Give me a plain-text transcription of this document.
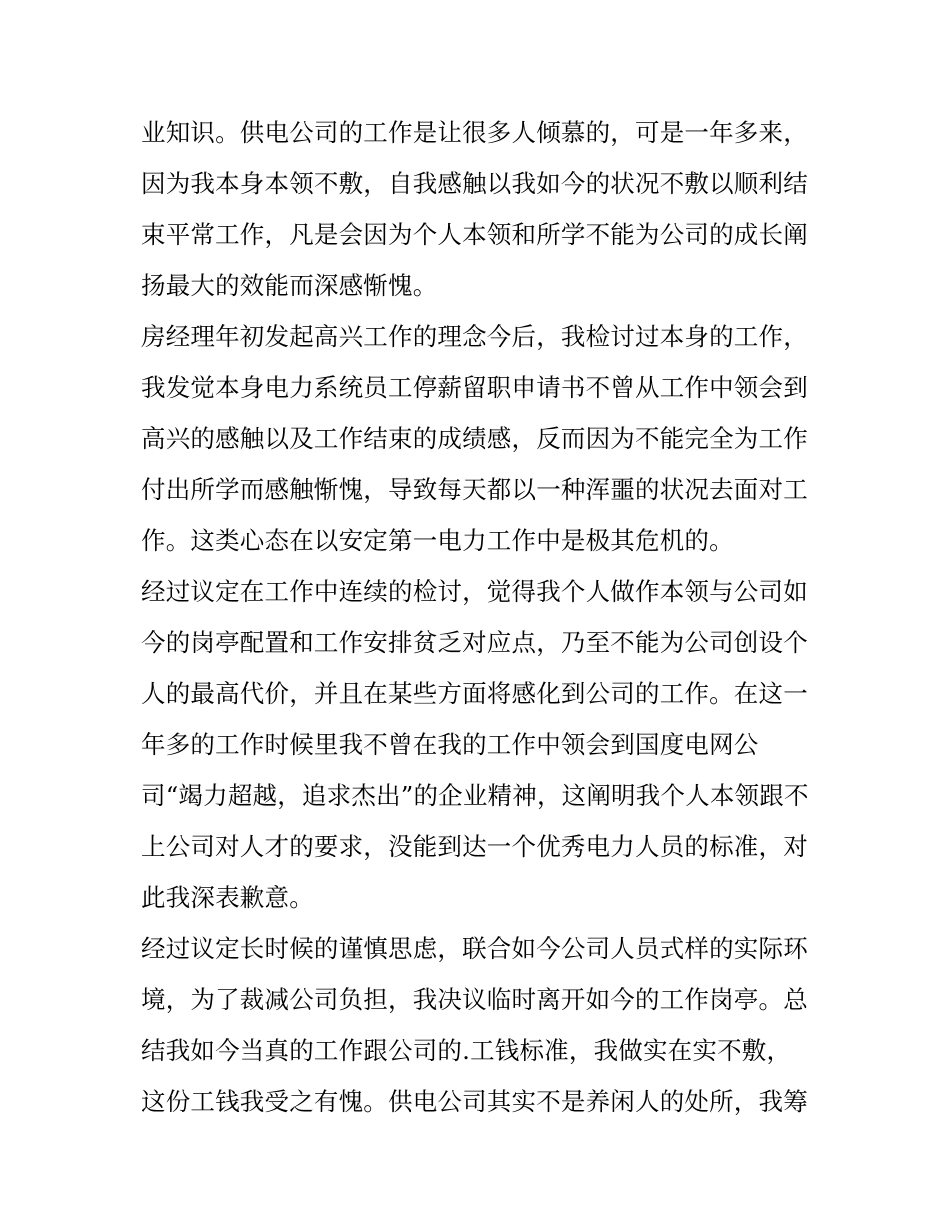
业知识。供电公司的工作是让很多人倾慕的，可是一年多来，
因为我本身本领不敷，自我感触以我如今的状况不敷以顺利结
束平常工作，凡是会因为个人本领和所学不能为公司的成长阐
扬最大的效能而深感惭愧。
房经理年初发起高兴工作的理念今后，我检讨过本身的工作，
我发觉本身电力系统员工停薪留职申请书不曾从工作中领会到
高兴的感触以及工作结束的成绩感，反而因为不能完全为工作
付出所学而感触惭愧，导致每天都以一种浑噩的状况去面对工
作。这类心态在以安定第一电力工作中是极其危机的。
经过议定在工作中连续的检讨，觉得我个人做作本领与公司如
今的岗亭配置和工作安排贫乏对应点，乃至不能为公司创设个
人的最高代价，并且在某些方面将感化到公司的工作。在这一
年多的工作时候里我不曾在我的工作中领会到国度电网公
司“竭力超越，追求杰出”的企业精神，这阐明我个人本领跟不
上公司对人才的要求，没能到达一个优秀电力人员的标准，对
此我深表歉意。
经过议定长时候的谨慎思虑，联合如今公司人员式样的实际环
境，为了裁减公司负担，我决议临时离开如今的工作岗亭。总
结我如今当真的工作跟公司的.工钱标准，我做实在实不敷，
这份工钱我受之有愧。供电公司其实不是养闲人的处所，我筹
